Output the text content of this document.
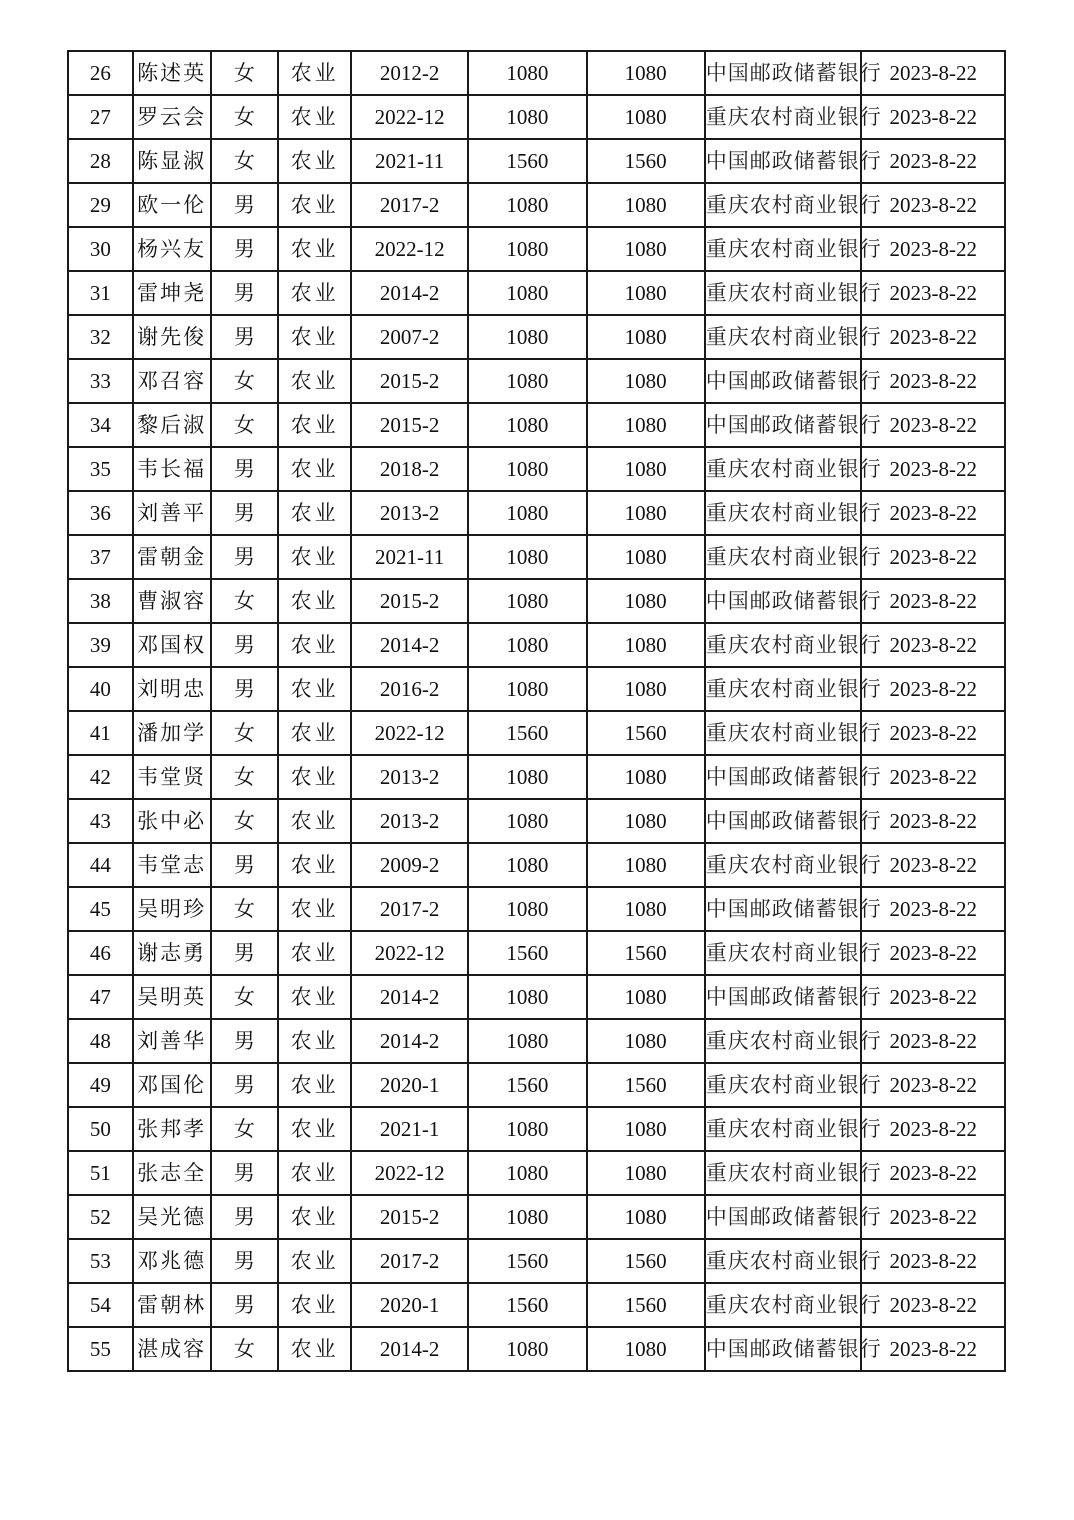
26	陈述英	女	农业	2012-2	1080	1080	中国邮政储蓄银行	2023-8-22
27	罗云会	女	农业	2022-12	1080	1080	重庆农村商业银行	2023-8-22
28	陈显淑	女	农业	2021-11	1560	1560	中国邮政储蓄银行	2023-8-22
29	欧一伦	男	农业	2017-2	1080	1080	重庆农村商业银行	2023-8-22
30	杨兴友	男	农业	2022-12	1080	1080	重庆农村商业银行	2023-8-22
31	雷坤尧	男	农业	2014-2	1080	1080	重庆农村商业银行	2023-8-22
32	谢先俊	男	农业	2007-2	1080	1080	重庆农村商业银行	2023-8-22
33	邓召容	女	农业	2015-2	1080	1080	中国邮政储蓄银行	2023-8-22
34	黎后淑	女	农业	2015-2	1080	1080	中国邮政储蓄银行	2023-8-22
35	韦长福	男	农业	2018-2	1080	1080	重庆农村商业银行	2023-8-22
36	刘善平	男	农业	2013-2	1080	1080	重庆农村商业银行	2023-8-22
37	雷朝金	男	农业	2021-11	1080	1080	重庆农村商业银行	2023-8-22
38	曹淑容	女	农业	2015-2	1080	1080	中国邮政储蓄银行	2023-8-22
39	邓国权	男	农业	2014-2	1080	1080	重庆农村商业银行	2023-8-22
40	刘明忠	男	农业	2016-2	1080	1080	重庆农村商业银行	2023-8-22
41	潘加学	女	农业	2022-12	1560	1560	重庆农村商业银行	2023-8-22
42	韦堂贤	女	农业	2013-2	1080	1080	中国邮政储蓄银行	2023-8-22
43	张中必	女	农业	2013-2	1080	1080	中国邮政储蓄银行	2023-8-22
44	韦堂志	男	农业	2009-2	1080	1080	重庆农村商业银行	2023-8-22
45	吴明珍	女	农业	2017-2	1080	1080	中国邮政储蓄银行	2023-8-22
46	谢志勇	男	农业	2022-12	1560	1560	重庆农村商业银行	2023-8-22
47	吴明英	女	农业	2014-2	1080	1080	中国邮政储蓄银行	2023-8-22
48	刘善华	男	农业	2014-2	1080	1080	重庆农村商业银行	2023-8-22
49	邓国伦	男	农业	2020-1	1560	1560	重庆农村商业银行	2023-8-22
50	张邦孝	女	农业	2021-1	1080	1080	重庆农村商业银行	2023-8-22
51	张志全	男	农业	2022-12	1080	1080	重庆农村商业银行	2023-8-22
52	吴光德	男	农业	2015-2	1080	1080	中国邮政储蓄银行	2023-8-22
53	邓兆德	男	农业	2017-2	1560	1560	重庆农村商业银行	2023-8-22
54	雷朝林	男	农业	2020-1	1560	1560	重庆农村商业银行	2023-8-22
55	湛成容	女	农业	2014-2	1080	1080	中国邮政储蓄银行	2023-8-22
